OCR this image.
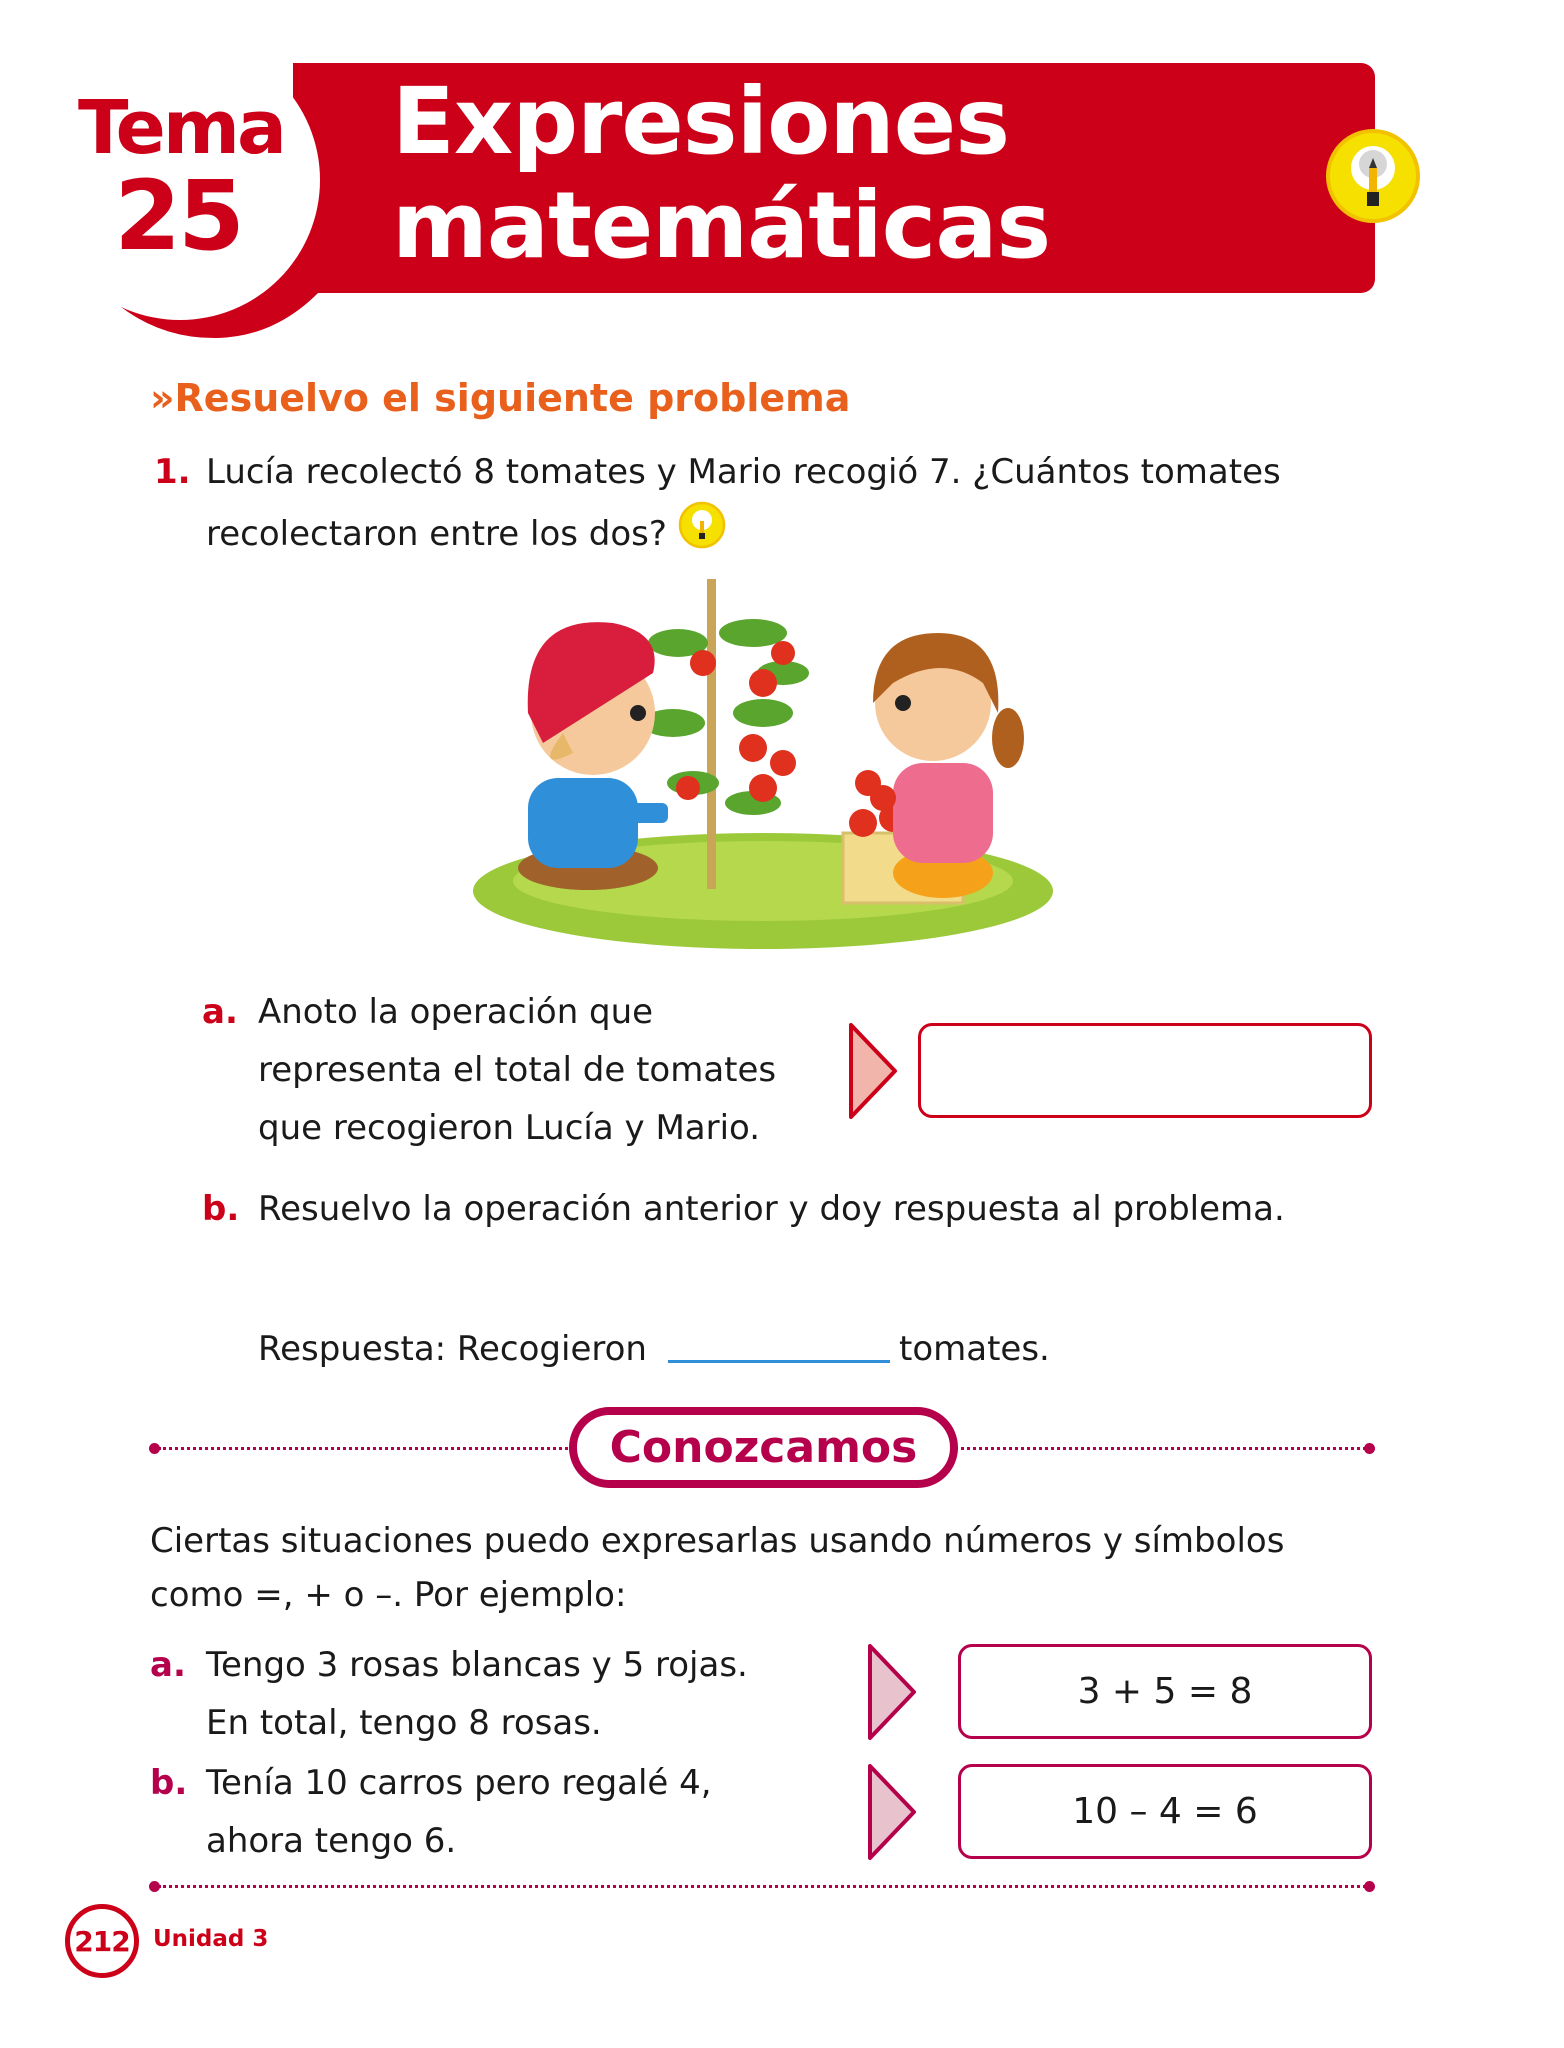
Tema
25
Expresiones
matemáticas
»Resuelvo el siguiente problema
1. Lucía recolectó 8 tomates y Mario recogió 7. ¿Cuántos tomates
recolectaron entre los dos?
a. Anoto la operación que
representa el total de tomates
que recogieron Lucía y Mario.
b. Resuelvo la operación anterior y doy respuesta al problema.
Respuesta: Recogieron	tomates.
Conozcamos
Ciertas situaciones puedo expresarlas usando números y símbolos
como =, + o –. Por ejemplo:
a. Tengo 3 rosas blancas y 5 rojas.
En total, tengo 8 rosas.
3 + 5 = 8
b. Tenía 10 carros pero regalé 4,
ahora tengo 6.
10 – 4 = 6
212	Unidad 3
